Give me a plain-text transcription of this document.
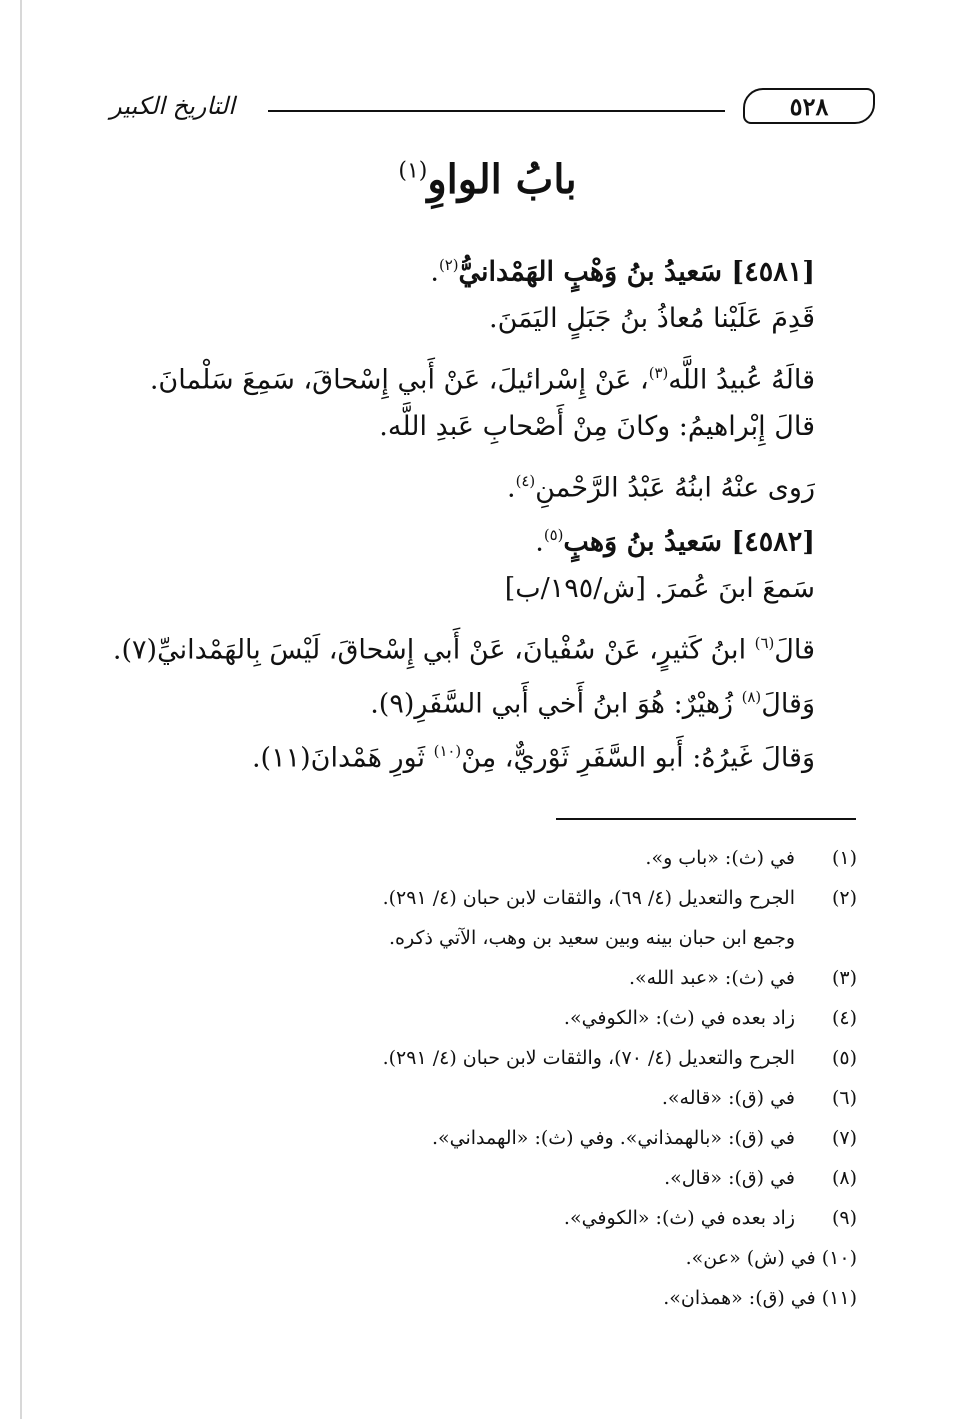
التاريخ الكبير	٥٢٨
بابُ الواوِ$^{(١)}$
[٤٥٨١] سَعيدُ بنُ وَهْبٍ الهَمْدانيُّ$^{(٢)}$.
قَدِمَ عَلَيْنا مُعاذُ بنُ جَبَلٍ اليَمَنَ.
قالَهُ عُبيدُ اللَّه$^{(٣)}$، عَنْ إِسْرائيلَ، عَنْ أَبي إِسْحاقَ، سَمِعَ سَلْمانَ.
قالَ إِبْراهيمُ: وكانَ مِنْ أَصْحابِ عَبدِ اللَّه.
رَوى عنْهُ ابنُهُ عَبْدُ الرَّحْمنِ$^{(٤)}$.
[٤٥٨٢] سَعيدُ بنُ وَهبٍ$^{(٥)}$.
سَمعَ ابنَ عُمرَ. [ش/١٩٥/ب]
قالَ$^{(٦)}$ ابنُ كَثيرٍ، عَنْ سُفْيانَ، عَنْ أَبي إِسْحاقَ، لَيْسَ بِالهَمْدانيِّ(٧).
وَقالَ$^{(٨)}$ زُهيْرٌ: هُوَ ابنُ أَخي أَبي السَّفَرِ(٩).
وَقالَ غَيرُهُ: أَبو السَّفَرِ ثَوْريٌّ، مِنْ$^{(١٠)}$ ثَورِ هَمْدانَ(١١).
(١)
في (ث): «باب و».
(٢)
الجرح والتعديل (٤/ ٦٩)، والثقات لابن حبان (٤/ ٢٩١).
وجمع ابن حبان بينه وبين سعيد بن وهب، الآتي ذكره.
(٣)
في (ث): «عبد الله».
(٤)
زاد بعده في (ث): «الكوفي».
(٥)
الجرح والتعديل (٤/ ٧٠)، والثقات لابن حبان (٤/ ٢٩١).
(٦)
في (ق): «قاله».
(٧)
في (ق): «بالهمذاني». وفي (ث): «الهمداني».
(٨)
في (ق): «قال».
(٩)
زاد بعده في (ث): «الكوفي».
(١٠)
في (ش) «عن».
(١١)
في (ق): «همذان».
